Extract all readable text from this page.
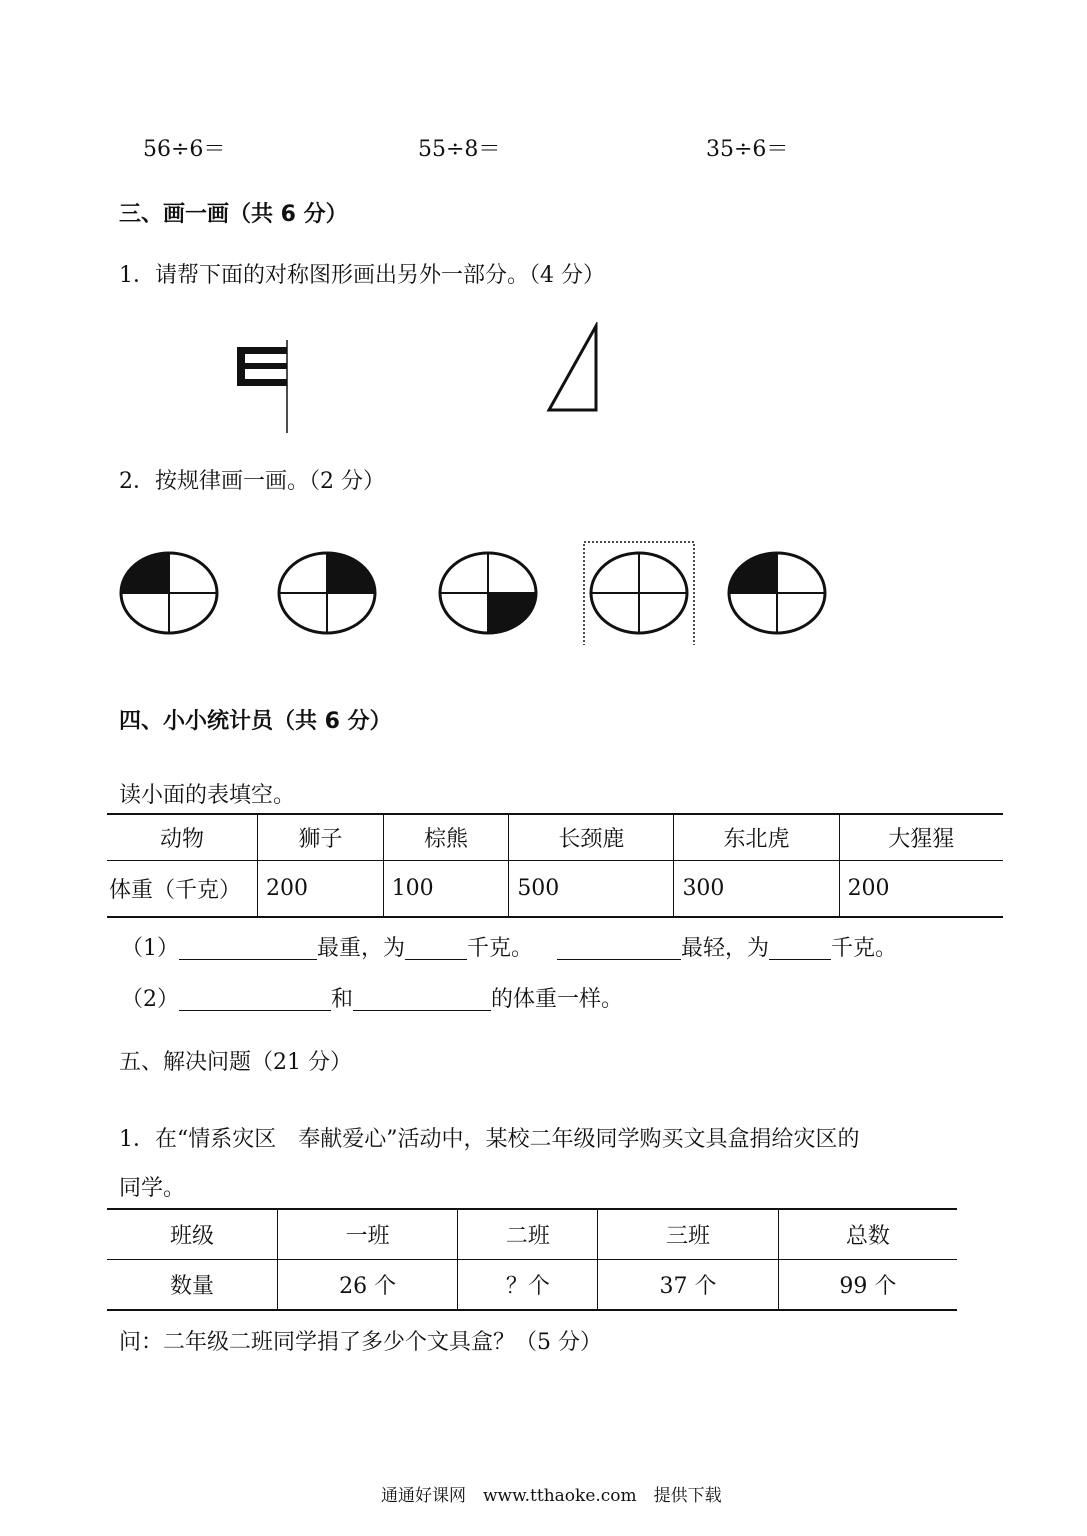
56÷6＝	55÷8＝	35÷6＝
三、画一画（共 6 分）
1．请帮下面的对称图形画出另外一部分。（4 分）
2．按规律画一画。（2 分）
四、小小统计员（共 6 分）
读小面的表填空。
动物	狮子	棕熊	长颈鹿	东北虎	大猩猩
体重（千克）	200	100	500	300	200
（1）	最重，为	千克。	最轻，为	千克。
（2）	和	的体重一样。
五、解决问题（21 分）
1．在“情系灾区　奉献爱心”活动中，某校二年级同学购买文具盒捐给灾区的
同学。
班级	一班	二班	三班	总数
数量	26 个	？个	37 个	99 个
问：二年级二班同学捐了多少个文具盒？（5 分）
通通好课网　www.tthaoke.com　提供下载
